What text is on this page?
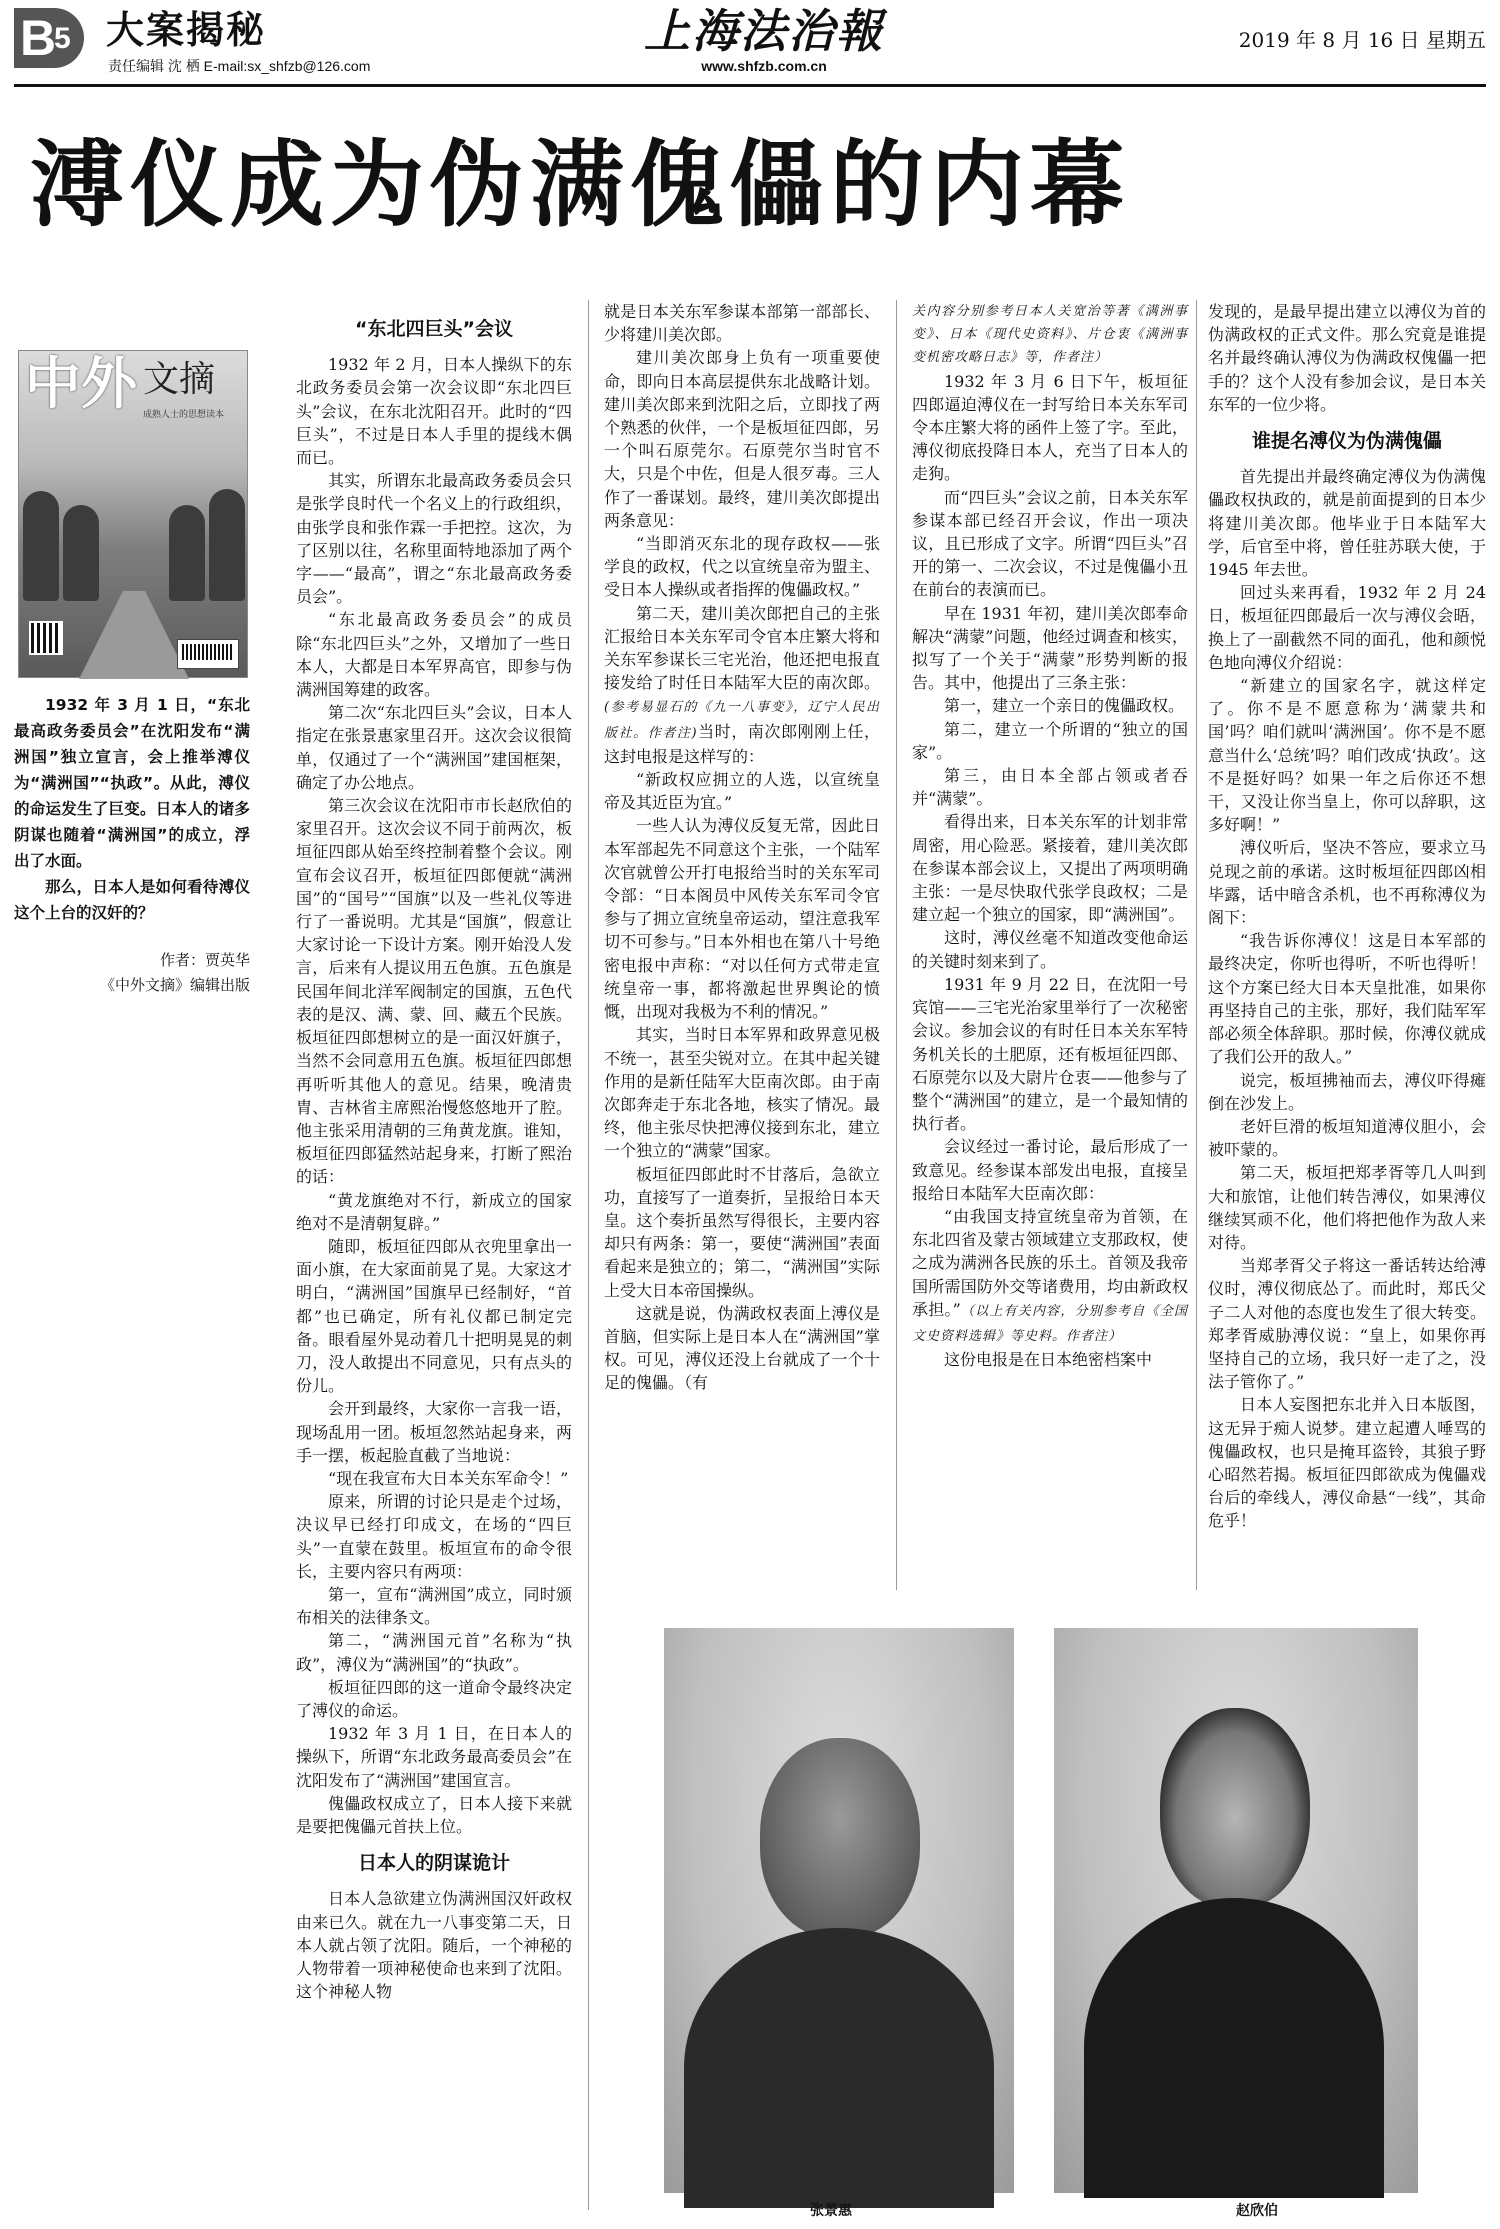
B
5 大案揭秘
责任编辑 沈 栖 E-mail:sx_shfzb@126.com
上海法治報
www.shfzb.com.cn
2019 年 8 月 16 日 星期五
溥仪成为伪满傀儡的内幕
中外 文摘
成熟人士的思想读本

1932 年 3 月 1 日，“东北最高政务委员会”在沈阳发布“满洲国”独立宣言，会上推举溥仪为“满洲国”“执政”。从此，溥仪的命运发生了巨变。日本人的诸多阴谋也随着“满洲国”的成立，浮出了水面。

那么，日本人是如何看待溥仪这个上台的汉奸的？

作者：贾英华
《中外文摘》编辑出版
“东北四巨头”会议

1932 年 2 月，日本人操纵下的东北政务委员会第一次会议即“东北四巨头”会议，在东北沈阳召开。此时的“四巨头”，不过是日本人手里的提线木偶而已。

其实，所谓东北最高政务委员会只是张学良时代一个名义上的行政组织，由张学良和张作霖一手把控。这次，为了区别以往，名称里面特地添加了两个字——“最高”，谓之“东北最高政务委员会”。

“东北最高政务委员会”的成员除“东北四巨头”之外，又增加了一些日本人，大都是日本军界高官，即参与伪满洲国筹建的政客。

第二次“东北四巨头”会议，日本人指定在张景惠家里召开。这次会议很简单，仅通过了一个“满洲国”建国框架，确定了办公地点。

第三次会议在沈阳市市长赵欣伯的家里召开。这次会议不同于前两次，板垣征四郎从始至终控制着整个会议。刚宣布会议召开，板垣征四郎便就“满洲国”的“国号”“国旗”以及一些礼仪等进行了一番说明。尤其是“国旗”，假意让大家讨论一下设计方案。刚开始没人发言，后来有人提议用五色旗。五色旗是民国年间北洋军阀制定的国旗，五色代表的是汉、满、蒙、回、藏五个民族。板垣征四郎想树立的是一面汉奸旗子，当然不会同意用五色旗。板垣征四郎想再听听其他人的意见。结果，晚清贵胄、吉林省主席熙治慢悠悠地开了腔。他主张采用清朝的三角黄龙旗。谁知，板垣征四郎猛然站起身来，打断了熙治的话：

“黄龙旗绝对不行，新成立的国家绝对不是清朝复辟。”

随即，板垣征四郎从衣兜里拿出一面小旗，在大家面前晃了晃。大家这才明白，“满洲国”国旗早已经制好，“首都”也已确定，所有礼仪都已制定完备。眼看屋外晃动着几十把明晃晃的刺刀，没人敢提出不同意见，只有点头的份儿。

会开到最终，大家你一言我一语，现场乱用一团。板垣忽然站起身来，两手一摆，板起脸直截了当地说：

“现在我宣布大日本关东军命令！”

原来，所谓的讨论只是走个过场，决议早已经打印成文，在场的“四巨头”一直蒙在鼓里。板垣宣布的命令很长，主要内容只有两项：

第一，宣布“满洲国”成立，同时颁布相关的法律条文。

第二，“满洲国元首”名称为“执政”，溥仪为“满洲国”的“执政”。

板垣征四郎的这一道命令最终决定了溥仪的命运。

1932 年 3 月 1 日，在日本人的操纵下，所谓“东北政务最高委员会”在沈阳发布了“满洲国”建国宣言。

傀儡政权成立了，日本人接下来就是要把傀儡元首扶上位。

日本人的阴谋诡计

日本人急欲建立伪满洲国汉奸政权由来已久。就在九一八事变第二天，日本人就占领了沈阳。随后，一个神秘的人物带着一项神秘使命也来到了沈阳。这个神秘人物

就是日本关东军参谋本部第一部部长、少将建川美次郎。

建川美次郎身上负有一项重要使命，即向日本高层提供东北战略计划。建川美次郎来到沈阳之后，立即找了两个熟悉的伙伴，一个是板垣征四郎，另一个叫石原莞尔。石原莞尔当时官不大，只是个中佐，但是人很歹毒。三人作了一番谋划。最终，建川美次郎提出两条意见：

“当即消灭东北的现存政权——张学良的政权，代之以宣统皇帝为盟主、受日本人操纵或者指挥的傀儡政权。”

第二天，建川美次郎把自己的主张汇报给日本关东军司令官本庄繁大将和关东军参谋长三宅光治，他还把电报直接发给了时任日本陆军大臣的南次郎。(参考易显石的《九一八事变》，辽宁人民出版社。作者注)当时，南次郎刚刚上任，这封电报是这样写的：

“新政权应拥立的人选，以宣统皇帝及其近臣为宜。”

一些人认为溥仪反复无常，因此日本军部起先不同意这个主张，一个陆军次官就曾公开打电报给当时的关东军司令部：“日本阁员中风传关东军司令官参与了拥立宣统皇帝运动，望注意我军切不可参与。”日本外相也在第八十号绝密电报中声称：“对以任何方式带走宣统皇帝一事，都将激起世界舆论的愤慨，出现对我极为不利的情况。”

其实，当时日本军界和政界意见极不统一，甚至尖锐对立。在其中起关键作用的是新任陆军大臣南次郎。由于南次郎奔走于东北各地，核实了情况。最终，他主张尽快把溥仪接到东北，建立一个独立的“满蒙”国家。

板垣征四郎此时不甘落后，急欲立功，直接写了一道奏折，呈报给日本天皇。这个奏折虽然写得很长，主要内容却只有两条：第一，要使“满洲国”表面看起来是独立的；第二，“满洲国”实际上受大日本帝国操纵。

这就是说，伪满政权表面上溥仪是首脑，但实际上是日本人在“满洲国”掌权。可见，溥仪还没上台就成了一个十足的傀儡。（有

关内容分别参考日本人关宽治等著《满洲事变》、日本《现代史资料》、片仓衷《满洲事变机密攻略日志》等，作者注）

1932 年 3 月 6 日下午，板垣征四郎逼迫溥仪在一封写给日本关东军司令本庄繁大将的函件上签了字。至此，溥仪彻底投降日本人，充当了日本人的走狗。

而“四巨头”会议之前，日本关东军参谋本部已经召开会议，作出一项决议，且已形成了文字。所谓“四巨头”召开的第一、二次会议，不过是傀儡小丑在前台的表演而已。

早在 1931 年初，建川美次郎奉命解决“满蒙”问题，他经过调查和核实，拟写了一个关于“满蒙”形势判断的报告。其中，他提出了三条主张：

第一，建立一个亲日的傀儡政权。

第二，建立一个所谓的“独立的国家”。

第三，由日本全部占领或者吞并“满蒙”。

看得出来，日本关东军的计划非常周密，用心险恶。紧接着，建川美次郎在参谋本部会议上，又提出了两项明确主张：一是尽快取代张学良政权；二是建立起一个独立的国家，即“满洲国”。

这时，溥仪丝毫不知道改变他命运的关键时刻来到了。

1931 年 9 月 22 日，在沈阳一号宾馆——三宅光治家里举行了一次秘密会议。参加会议的有时任日本关东军特务机关长的土肥原，还有板垣征四郎、石原莞尔以及大尉片仓衷——他参与了整个“满洲国”的建立，是一个最知情的执行者。

会议经过一番讨论，最后形成了一致意见。经参谋本部发出电报，直接呈报给日本陆军大臣南次郎：

“由我国支持宣统皇帝为首领，在东北四省及蒙古领域建立支那政权，使之成为满洲各民族的乐土。首领及我帝国所需国防外交等诸费用，均由新政权承担。”（以上有关内容，分别参考自《全国文史资料选辑》等史料。作者注）

这份电报是在日本绝密档案中

发现的，是最早提出建立以溥仪为首的伪满政权的正式文件。那么究竟是谁提名并最终确认溥仪为伪满政权傀儡一把手的？这个人没有参加会议，是日本关东军的一位少将。

谁提名溥仪为伪满傀儡

首先提出并最终确定溥仪为伪满傀儡政权执政的，就是前面提到的日本少将建川美次郎。他毕业于日本陆军大学，后官至中将，曾任驻苏联大使，于 1945 年去世。

回过头来再看，1932 年 2 月 24 日，板垣征四郎最后一次与溥仪会晤，换上了一副截然不同的面孔，他和颜悦色地向溥仪介绍说：

“新建立的国家名字，就这样定了。你不是不愿意称为‘满蒙共和国’吗？咱们就叫‘满洲国’。你不是不愿意当什么‘总统’吗？咱们改成‘执政’。这不是挺好吗？如果一年之后你还不想干，又没让你当皇上，你可以辞职，这多好啊！”

溥仪听后，坚决不答应，要求立马兑现之前的承诺。这时板垣征四郎凶相毕露，话中暗含杀机，也不再称溥仪为阁下：

“我告诉你溥仪！这是日本军部的最终决定，你听也得听，不听也得听！这个方案已经大日本天皇批准，如果你再坚持自己的主张，那好，我们陆军军部必须全体辞职。那时候，你溥仪就成了我们公开的敌人。”

说完，板垣拂袖而去，溥仪吓得瘫倒在沙发上。

老奸巨滑的板垣知道溥仪胆小，会被吓蒙的。

第二天，板垣把郑孝胥等几人叫到大和旅馆，让他们转告溥仪，如果溥仪继续冥顽不化，他们将把他作为敌人来对待。

当郑孝胥父子将这一番话转达给溥仪时，溥仪彻底怂了。而此时，郑氏父子二人对他的态度也发生了很大转变。郑孝胥威胁溥仪说：“皇上，如果你再坚持自己的立场，我只好一走了之，没法子管你了。”

日本人妄图把东北并入日本版图，这无异于痴人说梦。建立起遭人唾骂的傀儡政权，也只是掩耳盗铃，其狼子野心昭然若揭。板垣征四郎欲成为傀儡戏台后的牵线人，溥仪命悬“一线”，其命危乎！

张景惠	赵欣伯
